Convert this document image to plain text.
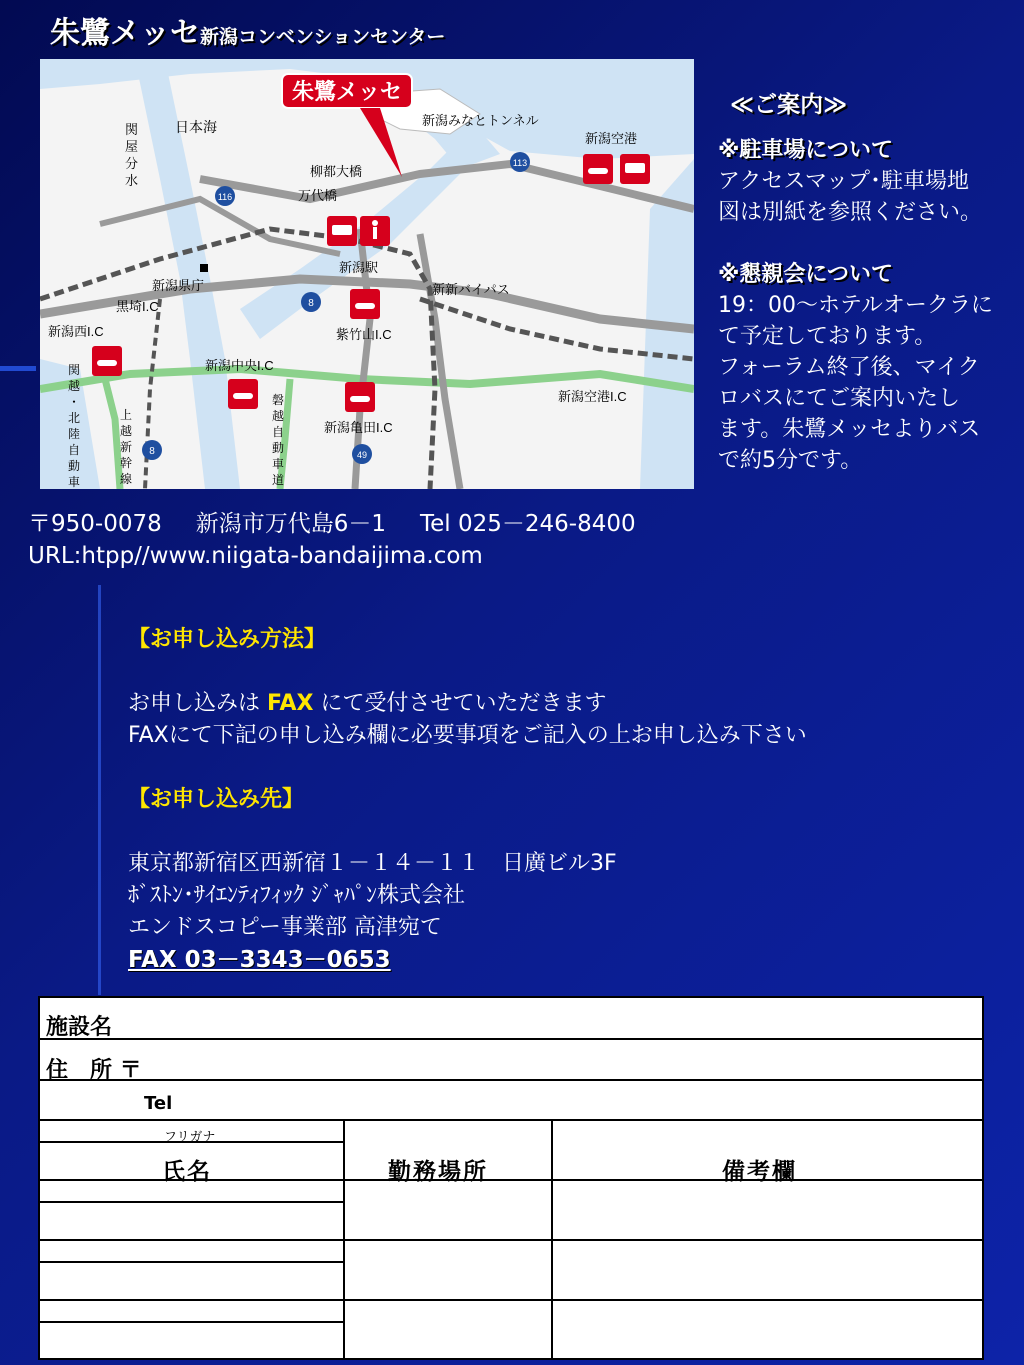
朱鷺メッセ新潟コンベンションセンター
朱鷺メッセ
関屋分水
日本海	新潟みなとトンネル
新潟空港
柳都大橋
万代橋
新潟駅
新潟県庁
黒埼I.C
新潟西I.C
新潟中央I.C
紫竹山I.C
新潟亀田I.C
新潟空港I.C
新新バイパス
磐越自動車道
関越・北陸自動車
上越新幹線
113
116
8
8	49
≪ご案内≫
※駐車場について
アクセスマップ･駐車場地
図は別紙を参照ください。
※懇親会について
19：00～ホテルオークラに
て予定しております。
フォーラム終了後、マイク
ロバスにてご案内いたし
ます。朱鷺メッセよりバス
で約5分です。
〒950-0078 新潟市万代島6－1 Tel 025－246-8400
URL:htpp//www.niigata-bandaijima.com
【お申し込み方法】
お申し込みは FAX にて受付させていただきます
FAXにて下記の申し込み欄に必要事項をご記入の上お申し込み下さい
【お申し込み先】
東京都新宿区西新宿１－１４－１１　日廣ビル3F
ﾎﾞｽﾄﾝ･ｻｲｴﾝﾃｨﾌｨｯｸ ｼﾞｬﾊﾟﾝ株式会社
エンドスコピー事業部 高津宛て
FAX 03－3343－0653
施設名
住　所 〒
Tel
フリガナ
氏名	勤務場所	備考欄
